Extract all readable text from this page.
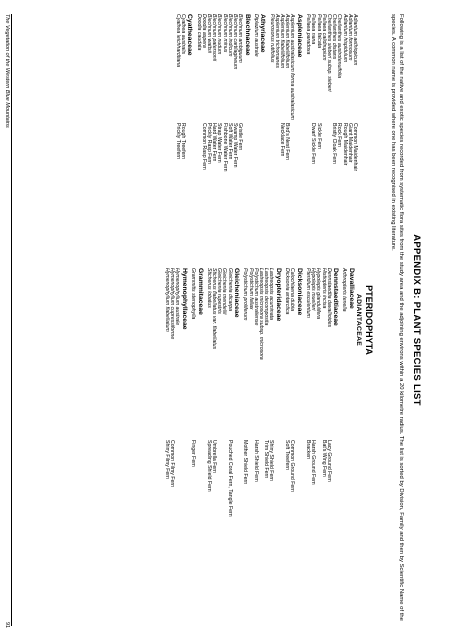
APPENDIX B: PLANT SPECIES LIST
Following is a list of the native and exotic species recorded from systematic flora sites from the study area and the adjoining environs within a 20 kilometre radius. The list is sorted by Division, Family and then by Scientific Name of the species. A common name is provided where one has been recognised in existing literature.
PTERIDOPHYTA
ADIANTACEAE
Adiantum aethiopicum
Common Maidenhair
Adiantum formosum
Giant Maidenhair
Adiantum hispidulum
Rough Maidenhair
Cheilanthes austrotenuifolia
Rock Fern
Cheilanthes distans
Bristly Cloak Fern
Cheilanthes sieberi subsp. sieberi
Pellaea calidirupium
Pellaea falcata
Sickle Fern
Pellaea nana
Dwarf Sickle Fern
Pellaea paradoxa
Aspleniaceae
Asplenium australasicum forma australasicum
Asplenium flabellifolium
Bird's Nest Fern
Asplenium flabellifolium
Necklace Fern
Asplenium trichomanes
Pleurosorus rutifolius
Athyriaceae
Diplazium australe
Blechnaceae
Blechnum ambiguum
Gristle Fern
Blechnum cartilagineum
Swamp Water Fern
Blechnum indicum
Soft Water Fern
Blechnum minus
Fishbone Water Fern
Blechnum nudum
Strap Water Fern
Blechnum patersonii
Hard Water Fern
Blechnum wattsii
Prickly Rasp Fern
Doodia aspera
Common Rasp Fern
Doodia caudata
Cyatheaceae
Cyathea australis
Rough Treefern
Cyathea leichhardtiana
Prickly Treefern
Davalliaceae
Arthropteris tenella
Dennstaedtiaceae
Dennstaedtia davallioides
Lacy Ground Fern
Histiopteris incisa
Bat's Wing Fern
Hypolepis glandulifera
Hypolepis muelleri
Harsh Ground Fern
Pteridium esculentum
Bracken
Dicksoniaceae
Calochlaena dubia
Common Ground Fern
Dicksonia antarctica
Soft Treefern
Dryopteridaceae
Lastreopsis acuminata
Shiny Shield Fern
Lastreopsis decomposita
Trim Shield Fern
Lastreopsis microsora subsp. microsora
Polystichum australiense
Harsh Shield Fern
Polystichum fallax
Polystichum proliferum
Mother Shield Fern
Gleicheniaceae
Gleichenia dicarpa
Pouched Coral Fern, Tangle Fern
Gleichenia mendellii
Gleichenia rupestris
Sticherus flabellatus var. flabellatus
Umbrella Fern
Sticherus lobatus
Spreading Shield Fern
Grammitaceae
Grammitis stenophylla
Finger Fern
Hymenophyllaceae
Hymenophyllum australe
Hymenophyllum cupressiforme
Common Filmy Fern
Hymenophyllum flabellatum
Shiny Filmy Fern
The Vegetation of the Western Blue Mountains
91
